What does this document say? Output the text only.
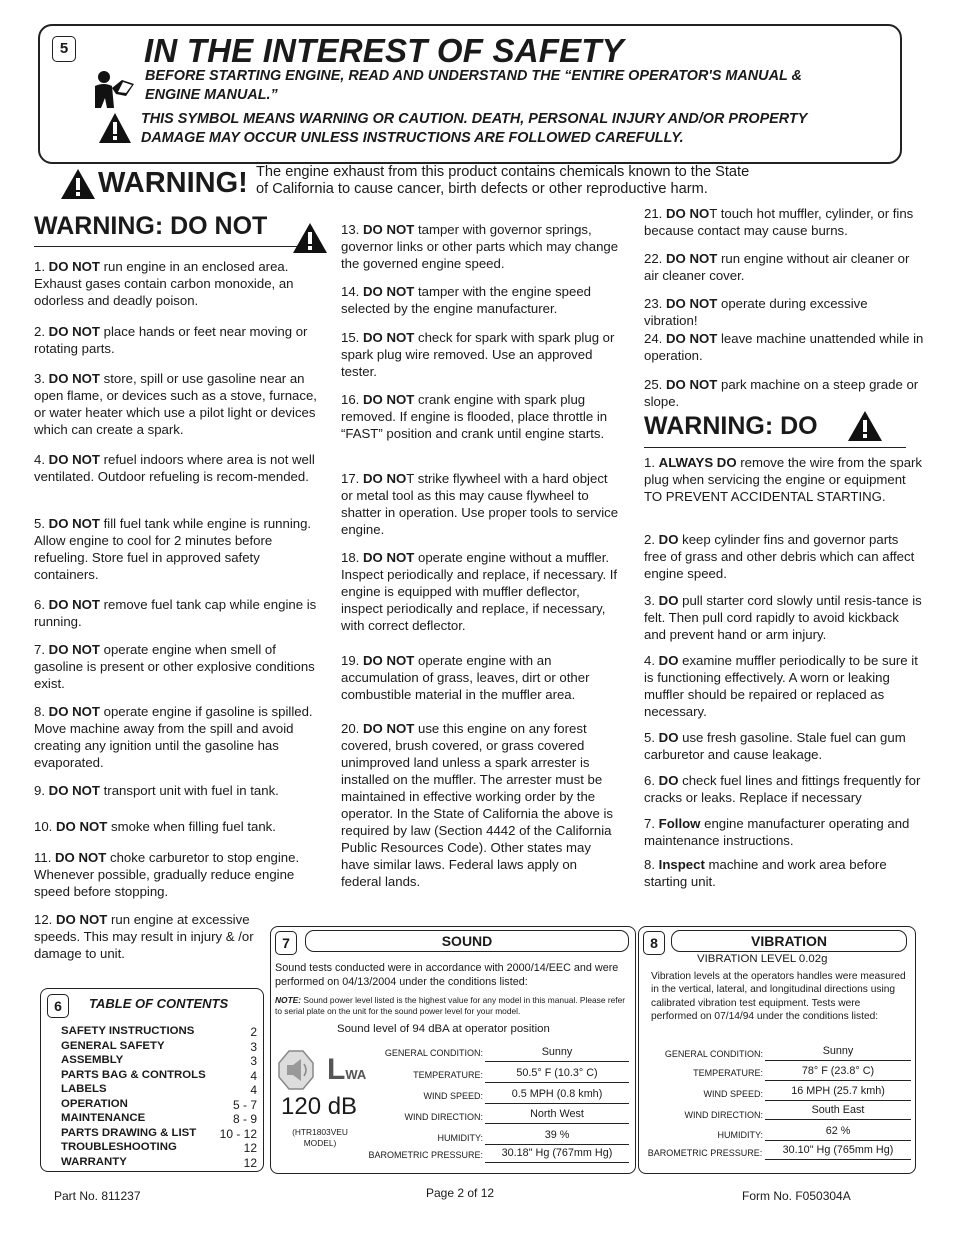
5 IN THE INTEREST OF SAFETY
BEFORE STARTING ENGINE, READ AND UNDERSTAND THE “ENTIRE OPERATOR'S MANUAL &
ENGINE MANUAL.”
THIS SYMBOL MEANS WARNING OR CAUTION. DEATH, PERSONAL INJURY AND/OR PROPERTY
DAMAGE MAY OCCUR UNLESS INSTRUCTIONS ARE FOLLOWED CAREFULLY.
WARNING! The engine exhaust from this product contains chemicals known to the State
of California to cause cancer, birth defects or other reproductive harm.
WARNING: DO NOT

1. DO NOT run engine in an enclosed area. Exhaust gases contain carbon monoxide, an odorless and deadly poison.

2. DO NOT place hands or feet near moving or rotating parts.

3. DO NOT store, spill or use gasoline near an open flame, or devices such as a stove, furnace, or water heater which use a pilot light or devices which can create a spark.

4. DO NOT refuel indoors where area is not well ventilated. Outdoor refueling is recom-mended.

5. DO NOT fill fuel tank while engine is running. Allow engine to cool for 2 minutes before refueling. Store fuel in approved safety containers.

6. DO NOT remove fuel tank cap while engine is running.

7. DO NOT operate engine when smell of gasoline is present or other explosive conditions exist.

8. DO NOT operate engine if gasoline is spilled. Move machine away from the spill and avoid creating any ignition until the gasoline has evaporated.

9. DO NOT transport unit with fuel in tank.

10. DO NOT smoke when filling fuel tank.

11. DO NOT choke carburetor to stop engine. Whenever possible, gradually reduce engine speed before stopping.

12. DO NOT run engine at excessive speeds. This may result in injury & /or damage to unit.

13. DO NOT tamper with governor springs, governor links or other parts which may change the governed engine speed.

14. DO NOT tamper with the engine speed selected by the engine manufacturer.

15. DO NOT check for spark with spark plug or spark plug wire removed. Use an approved tester.

16. DO NOT crank engine with spark plug removed. If engine is flooded, place throttle in “FAST” position and crank until engine starts.

17. DO NOT strike flywheel with a hard object or metal tool as this may cause flywheel to shatter in operation. Use proper tools to service engine.

18. DO NOT operate engine without a muffler. Inspect periodically and replace, if necessary. If engine is equipped with muffler deflector, inspect periodically and replace, if necessary, with correct deflector.

19. DO NOT operate engine with an accumulation of grass, leaves, dirt or other combustible material in the muffler area.

20. DO NOT use this engine on any forest covered, brush covered, or grass covered unimproved land unless a spark arrester is installed on the muffler. The arrester must be maintained in effective working order by the operator. In the State of California the above is required by law (Section 4442 of the California Public Resources Code). Other states may have similar laws. Federal laws apply on federal lands.

21. DO NOT touch hot muffler, cylinder, or fins because contact may cause burns.

22. DO NOT run engine without air cleaner or air cleaner cover.

23. DO NOT operate during excessive vibration!

24. DO NOT leave machine unattended while in operation.

25. DO NOT park machine on a steep grade or slope.

WARNING: DO

1. ALWAYS DO remove the wire from the spark plug when servicing the engine or equipment TO PREVENT ACCIDENTAL STARTING.

2. DO keep cylinder fins and governor parts free of grass and other debris which can affect engine speed.

3. DO pull starter cord slowly until resis-tance is felt. Then pull cord rapidly to avoid kickback and prevent hand or arm injury.

4. DO examine muffler periodically to be sure it is functioning effectively. A worn or leaking muffler should be repaired or replaced as necessary.

5. DO use fresh gasoline. Stale fuel can gum carburetor and cause leakage.

6. DO check fuel lines and fittings frequently for cracks or leaks. Replace if necessary

7. Follow engine manufacturer operating and maintenance instructions.

8. Inspect machine and work area before starting unit.

6	TABLE OF CONTENTS
SAFETY INSTRUCTIONS	2
GENERAL SAFETY	3
ASSEMBLY	3
PARTS BAG & CONTROLS	4
LABELS	4
OPERATION	5 - 7
MAINTENANCE	8 - 9
PARTS DRAWING & LIST 10 - 12
TROUBLESHOOTING	12
WARRANTY	12
7	SOUND
Sound tests conducted were in accordance with 2000/14/EEC and were performed on 04/13/2004 under the conditions listed:
NOTE: Sound power level listed is the highest value for any model in this manual. Please refer to serial plate on the unit for the sound power level for your model.
Sound level of 94 dBA at operator position
LWA
120 dB
(HTR1803VEU MODEL)
GENERAL CONDITION:	Sunny
TEMPERATURE:	50.5° F (10.3° C)
WIND SPEED:	0.5 MPH (0.8 kmh)
WIND DIRECTION:	North West
HUMIDITY:	39 %
BAROMETRIC PRESSURE:	30.18" Hg (767mm Hg)
8	VIBRATION
VIBRATION LEVEL 0.02g
Vibration levels at the operators handles were measured in the vertical, lateral, and longitudinal directions using calibrated vibration test equipment. Tests were performed on 07/14/94 under the conditions listed:
GENERAL CONDITION:	Sunny
TEMPERATURE:	78° F (23.8° C)
WIND SPEED:	16 MPH (25.7 kmh)
WIND DIRECTION:	South East
HUMIDITY:	62 %
BAROMETRIC PRESSURE:	30.10" Hg (765mm Hg)
Part No. 811237	Page 2 of 12	Form No. F050304A
